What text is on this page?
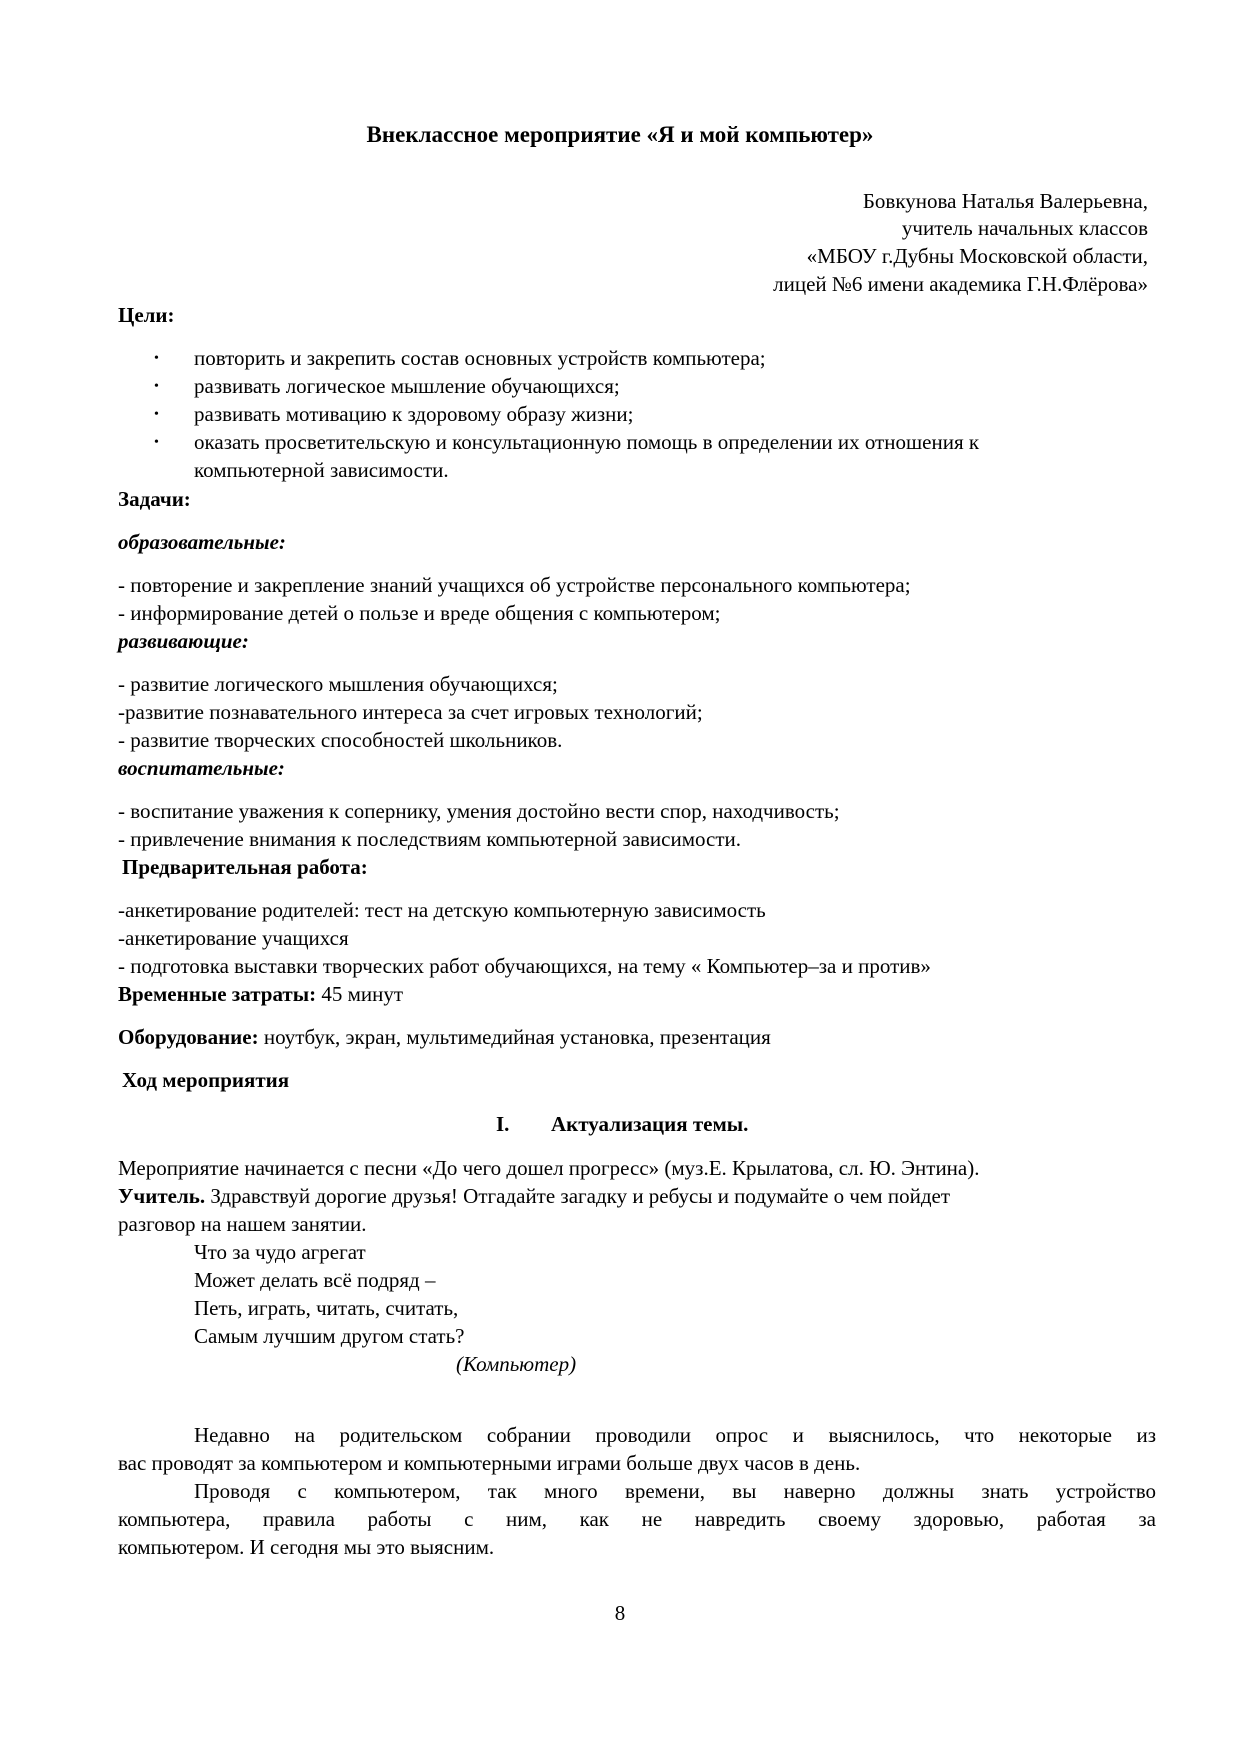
Внеклассное мероприятие «Я и мой компьютер»
Бовкунова Наталья Валерьевна,
учитель начальных классов
«МБОУ г.Дубны Московской области,
лицей №6 имени академика Г.Н.Флёрова»
Цели:
• повторить и закрепить состав основных устройств компьютера;
• развивать логическое мышление обучающихся;
• развивать мотивацию к здоровому образу жизни;
• оказать просветительскую и консультационную помощь в определении их отношения к
компьютерной зависимости.
Задачи:
образовательные:
- повторение и закрепление знаний учащихся об устройстве персонального компьютера;
- информирование детей о пользе и вреде общения с компьютером;
развивающие:
- развитие логического мышления обучающихся;
-развитие познавательного интереса за счет игровых технологий;
- развитие творческих способностей школьников.
воспитательные:
- воспитание уважения к сопернику, умения достойно вести спор, находчивость;
- привлечение внимания к последствиям компьютерной зависимости.
Предварительная работа:
-анкетирование родителей: тест на детскую компьютерную зависимость
-анкетирование учащихся
- подготовка выставки творческих работ обучающихся, на тему « Компьютер–за и против»
Временные затраты: 45 минут
Оборудование: ноутбук, экран, мультимедийная установка, презентация
Ход мероприятия
I. Актуализация темы.
Мероприятие начинается с песни «До чего дошел прогресс» (муз.Е. Крылатова, сл. Ю. Энтина).
Учитель. Здравствуй дорогие друзья! Отгадайте загадку и ребусы и подумайте о чем пойдет
разговор на нашем занятии.
Что за чудо агрегат
Может делать всё подряд –
Петь, играть, читать, считать,
Самым лучшим другом стать?
(Компьютер)
Недавно на родительском собрании проводили опрос и выяснилось, что некоторые из
вас проводят за компьютером и компьютерными играми больше двух часов в день.
Проводя с компьютером, так много времени, вы наверно должны знать устройство
компьютера, правила работы с ним, как не навредить своему здоровью, работая за
компьютером. И сегодня мы это выясним.
8
